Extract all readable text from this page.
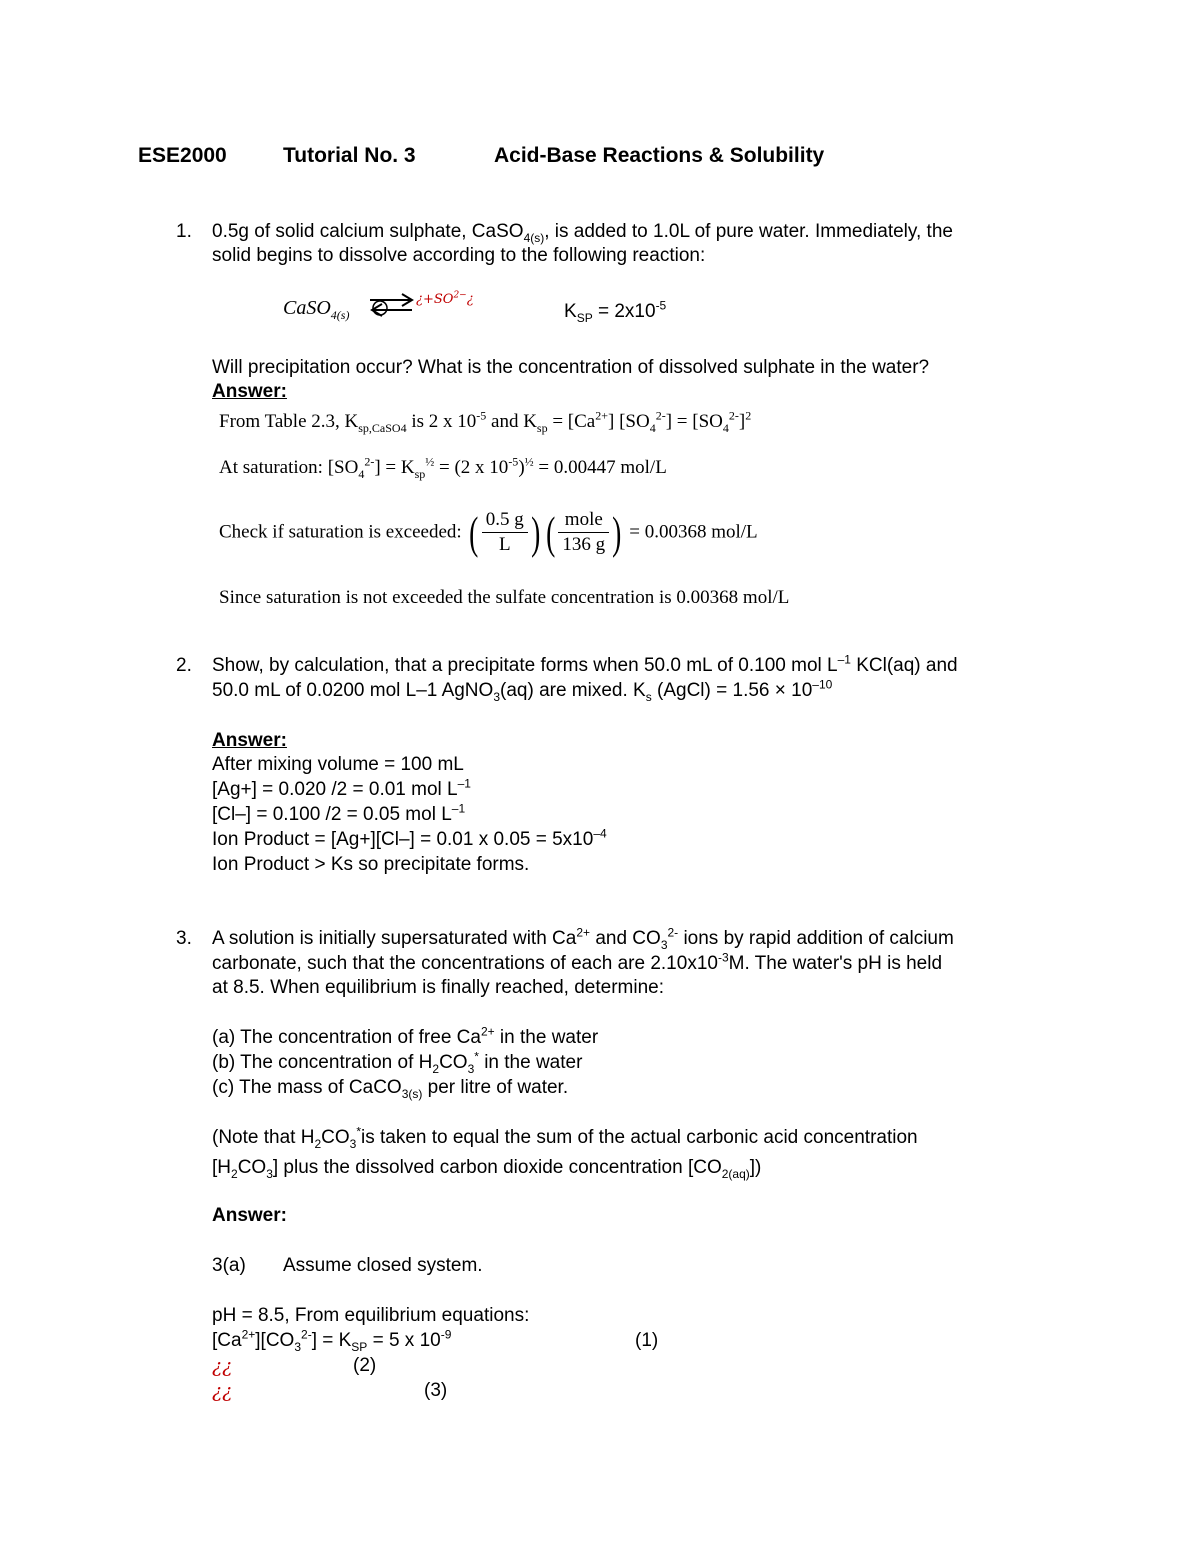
ESE2000	Tutorial No. 3	Acid-Base Reactions & Solubility
1. 0.5g of solid calcium sulphate, CaSO$_{4(s)}$, is added to 1.0L of pure water. Immediately, the
solid begins to dissolve according to the following reaction:
CaSO$_{4(s)}$
¿$+SO^{2-}¿$
$K_{SP} = 2x10^{-5}$
Will precipitation occur? What is the concentration of dissolved sulphate in the water?
Answer:
From Table 2.3, $K_{sp,CaSO4}$ is 2 x $10^{-5}$ and $K_{sp} = [Ca^{2+}] [SO_4^{2-}] = [SO_4^{2-}]^2$
At saturation: $[SO_4^{2-}] = K_{sp}^{\frac{1}{2}} = (2$ x $10^{-5})^{\frac{1}{2}} = 0.00447$ mol/L
Check if saturation is exceeded: ( $\frac{0.5 g}{L}$ ) ( $\frac{\text{mole}}{136 g}$ ) = 0.00368 mol/L
Since saturation is not exceeded the sulfate concentration is 0.00368 mol/L
2. Show, by calculation, that a precipitate forms when 50.0 mL of 0.100 mol $L^{-1}$ KCl(aq) and
50.0 mL of 0.0200 mol L–1 AgNO$_3$(aq) are mixed. $K_s$ (AgCl) = $1.56 \times 10^{-10}$
Answer:
After mixing volume = 100 mL
[Ag+] = 0.020 /2 = 0.01 mol $L^{-1}$
[Cl–] = 0.100 /2 = 0.05 mol $L^{-1}$
Ion Product = [Ag+][Cl–] = 0.01 x $0.05 = 5x10^{-4}$
Ion Product > Ks so precipitate forms.
3. A solution is initially supersaturated with $Ca^{2+}$ and $CO_3^{2-}$ ions by rapid addition of calcium
carbonate, such that the concentrations of each are $2.10x10^{-3}M$. The water's pH is held
at 8.5. When equilibrium is finally reached, determine:
(a) The concentration of free $Ca^{2+}$ in the water
(b) The concentration of $H_2CO_3^*$ in the water
(c) The mass of CaCO$_{3(s)}$ per litre of water.
(Note that $H_2CO_3^*is$ taken to equal the sum of the actual carbonic acid concentration
$[H_2CO_3]$ plus the dissolved carbon dioxide concentration $[CO_{2(aq)}]$)
Answer:
3(a) Assume closed system.
pH = 8.5, From equilibrium equations:
$[Ca^{2+}][CO_3^{2-}] = K_{SP} = 5$ x $10^{-9}$	(1)
¿¿	(2)
¿¿	(3)
